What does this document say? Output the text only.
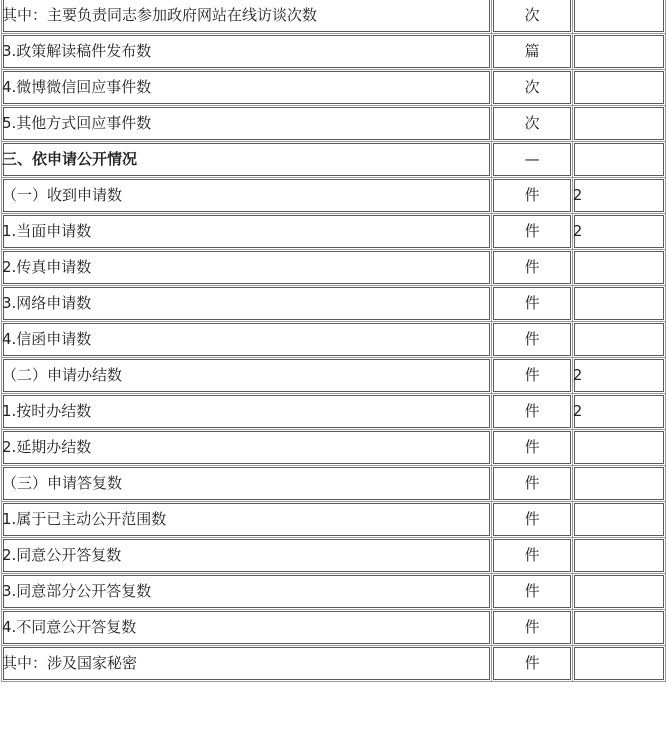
其中：主要负责同志参加政府网站在线访谈次数	次	
3.政策解读稿件发布数	篇	
4.微博微信回应事件数	次	
5.其他方式回应事件数	次	
三、依申请公开情况	—	
（一）收到申请数	件	2
1.当面申请数	件	2
2.传真申请数	件	
3.网络申请数	件	
4.信函申请数	件	
（二）申请办结数	件	2
1.按时办结数	件	2
2.延期办结数	件	
（三）申请答复数	件	
1.属于已主动公开范围数	件	
2.同意公开答复数	件	
3.同意部分公开答复数	件	
4.不同意公开答复数	件	
其中：涉及国家秘密	件	
